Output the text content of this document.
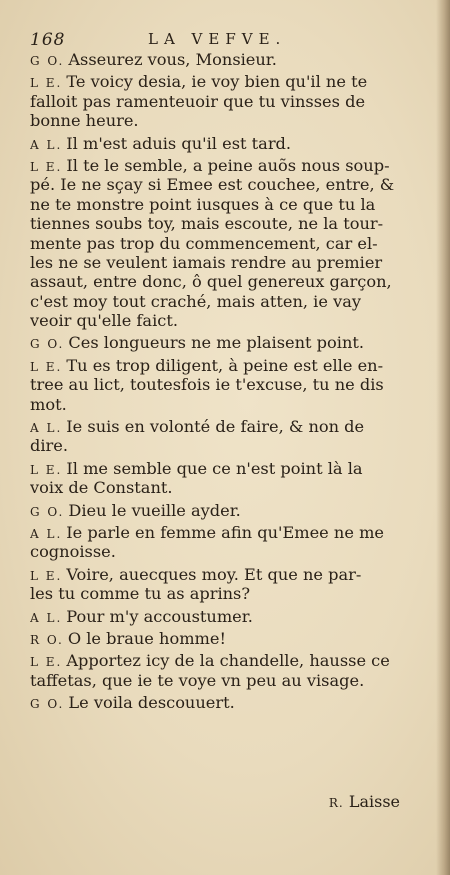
168	LA VEFVE.
G O. Asseurez vous, Monsieur.
L E. Te voicy desia, ie voy bien qu'il ne te
falloit pas ramenteuoir que tu vinsses de
bonne heure.
A L. Il m'est aduis qu'il est tard.
L E. Il te le semble, a peine auõs nous soup-
pé. Ie ne sçay si Emee est couchee, entre, &
ne te monstre point iusques à ce que tu la
tiennes soubs toy, mais escoute, ne la tour-
mente pas trop du commencement, car el-
les ne se veulent iamais rendre au premier
assaut, entre donc, ô quel genereux garçon,
c'est moy tout craché, mais atten, ie vay
veoir qu'elle faict.
G O. Ces longueurs ne me plaisent point.
L E. Tu es trop diligent, à peine est elle en-
tree au lict, toutesfois ie t'excuse, tu ne dis
mot.
A L. Ie suis en volonté de faire, & non de
dire.
L E. Il me semble que ce n'est point là la
voix de Constant.
G O. Dieu le vueille ayder.
A L. Ie parle en femme afin qu'Emee ne me
cognoisse.
L E. Voire, auecques moy. Et que ne par-
les tu comme tu as aprins?
A L. Pour m'y accoustumer.
R O. O le braue homme!
L E. Apportez icy de la chandelle, hausse ce
taffetas, que ie te voye vn peu au visage.
G O. Le voila descouuert.
R. Laisse
